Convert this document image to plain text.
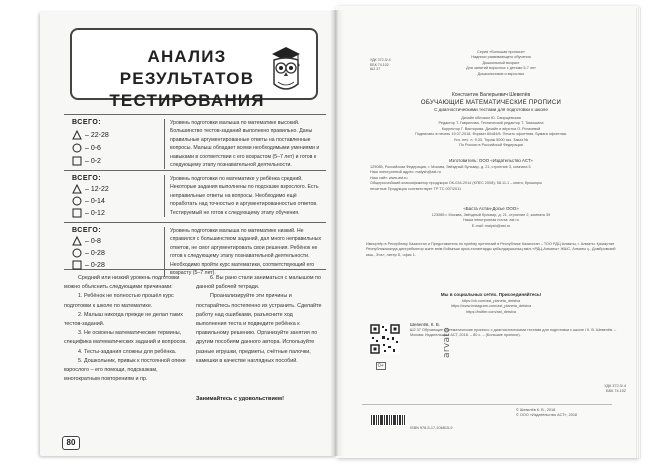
АНАЛИЗ РЕЗУЛЬТАТОВ ТЕСТИРОВАНИЯ
ВСЕГО:
– 22-28
– 0-6
– 0-2
Уровень подготовки малыша по математике высокий. Большинство тестов-заданий выполнено правильно. Даны правильные аргументированные ответы на поставленные вопросы. Малыш обладает всеми необходимыми умениями и навыками в соответствии с его возрастом (5–7 лет) и готов к следующему этапу познавательной деятельности.
ВСЕГО:
– 12-22
– 0-14
– 0-12
Уровень подготовки по математике у ребёнка средний. Некоторые задания выполнены по подсказке взрослого. Есть неправильные ответы на вопросы. Необходимо ещё поработать над точностью и аргументированностью ответов. Тестируемый не готов к следующему этапу обучения.
ВСЕГО:
– 0-8
– 0-28
– 0-28
Уровень подготовки малыша по математике низкий. Не справился с большинством заданий, дал много неправильных ответов, не смог аргументировать свои решения. Ребёнок не готов к следующему этапу познавательной деятельности. Необходимо пройти курс математики, соответствующий его возрасту (5–7 лет).

Средний или низкий уровень подготовки можно объяснить следующими причинами:

1. Ребёнок не полностью прошёл курс подготовки к школе по математике.

2. Малыш никогда прежде не делал таких тестов-заданий.

3. Не освоены математические термины, специфика математических заданий и вопросов.

4. Тесты-задания сложны для ребёнка.

5. Дошкольник, привык к постоянной опеке взрослого – его помощи, подсказкам, многократным повторениям и пр.

6. Вы рано стали заниматься с малышом по данной рабочей тетради.

Проанализируйте эти причины и постарайтесь постепенно их устранить. Сделайте работу над ошибками, разъясните ход выполнения теста и подведите ребёнка к правильному решению. Организуйте занятия по другим пособиям данного автора. Используйте разные игрушки, предметы, счётные палочки, камешки в качестве наглядных пособий.

Занимайтесь с удовольствием!
80
УДК 372.3/.4
ББК 74.102
Ш2 37
Серия «Большая прописи»
Надписи развивающего обучения
Дошкольный возраст
Для занятий взрослых с детьми 5-7 лет
Дошкольников и взрослых
Константин Валерьевич Шевелёв
ОБУЧАЮЩИЕ МАТЕМАТИЧЕСКИЕ ПРОПИСИ
С диагностическими тестами для подготовки к школе
Дизайн обложки Ю. Свирщевская
Редактор Т. Гаврилова. Технический редактор Т. Тимошина
Корректор Г. Викторова. Дизайн и вёрстка О. Рогачевой
Подписано в печать 19.07.2018. Формат 60x84/8. Печать офсетная. Бумага офсетная.
Усл. печ. л. 9,33. Тираж 5000 экз. Заказ №
По России в Российской Федерации
Изготовитель: ООО «Издательство АСТ»
129085, Российская Федерация, г. Москва, Звёздный бульвар, д. 21, строение 3, комната 5
Наш электронный адрес: malysh@ast.ru
Наш сайт: www.ast.ru
Общероссийский классификатор продукции ОК-034-2014 (КПЕС 2008); 58.11.1 – книги, брошюры
печатные Продукция соответствует ТР ТС 007/2011
«Баста Астан-Досье ООО»
123085 г. Москва, Звёздный бульвар, д. 21, строение 2, комната 39
Наша электронная почта: ast.ru
E-mail: malysh@ast.ru
Импортёр в Республику Казахстан и Представитель по приёму претензий в Республике Казахстан – ТОО РДЦ Алматы, г. Алматы. Қазақстан Республикасында дистрибьютор және өнім бойынша арыз-талаптарды қабылдаушының өкілі «РДЦ-Алматы» ЖШС, Алматы қ., Домбровский көш., 3«а», литер Б, офис 1.
Мы в социальных сетях. Присоединяйтесь!
https://vk.com/ast_planeta_detstva
https://www.instagram.com/ast_planeta_detstva
https://twitter.com/ast_detstva
0+
arvato
Шевелёв, К. В.
Ш2 37 Обучающие математические прописи: с диагностическими тестами для подготовки к школе / К. В. Шевелёв. – Москва: Издательство АСТ, 2018. – 80 с. – (Большие прописи).
УДК 372.3/.4
ББК 74.102
© Шевелёв К. В., 2018
© ООО «Издательство АСТ», 2018
ISBN 978-5-17-106815-9
